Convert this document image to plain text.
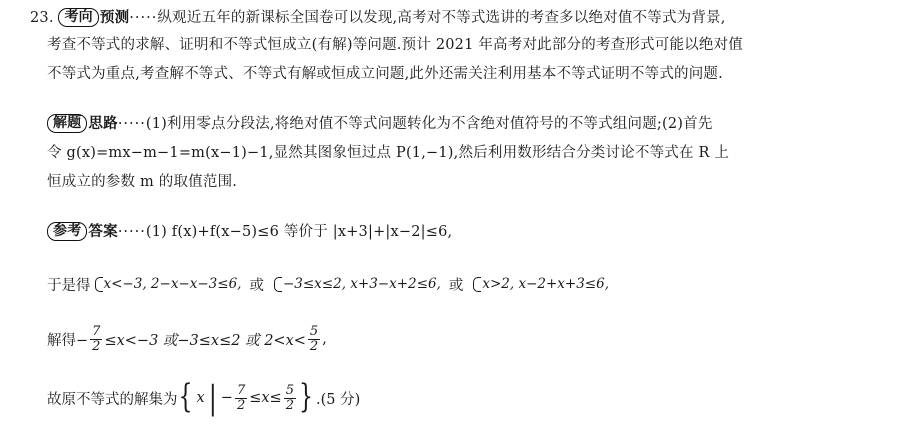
23. 考向 预测·····纵观近五年的新课标全国卷可以发现,高考对不等式选讲的考查多以绝对值不等式为背景,
考查不等式的求解、证明和不等式恒成立(有解)等问题.预计 2021 年高考对此部分的考查形式可能以绝对值
不等式为重点,考查解不等式、不等式有解或恒成立问题,此外还需关注利用基本不等式证明不等式的问题.
解题 思路·····(1)利用零点分段法,将绝对值不等式问题转化为不含绝对值符号的不等式组问题;(2)首先
令 g(x)=mx−m−1=m(x−1)−1,显然其图象恒过点 P(1,−1),然后利用数形结合分类讨论不等式在 R 上
恒成立的参数 m 的取值范围.
参考 答案·····(1) f(x)+f(x−5)≤6 等价于 |x+3|+|x−2|≤6,
于是得 x<−3, 2−x−x−3≤6, 或	−3≤x≤2, x+3−x+2≤6, 或	x>2, x−2+x+3≤6,
解得− $\frac{7}{2} \le x<-3$ 或−3≤x≤2 或 $2<x< \frac{5}{2}$ ,
故原不等式的解集为 { x | − $\frac{7}{2} \le x\le \frac{5}{2}$ } .(5 分)
